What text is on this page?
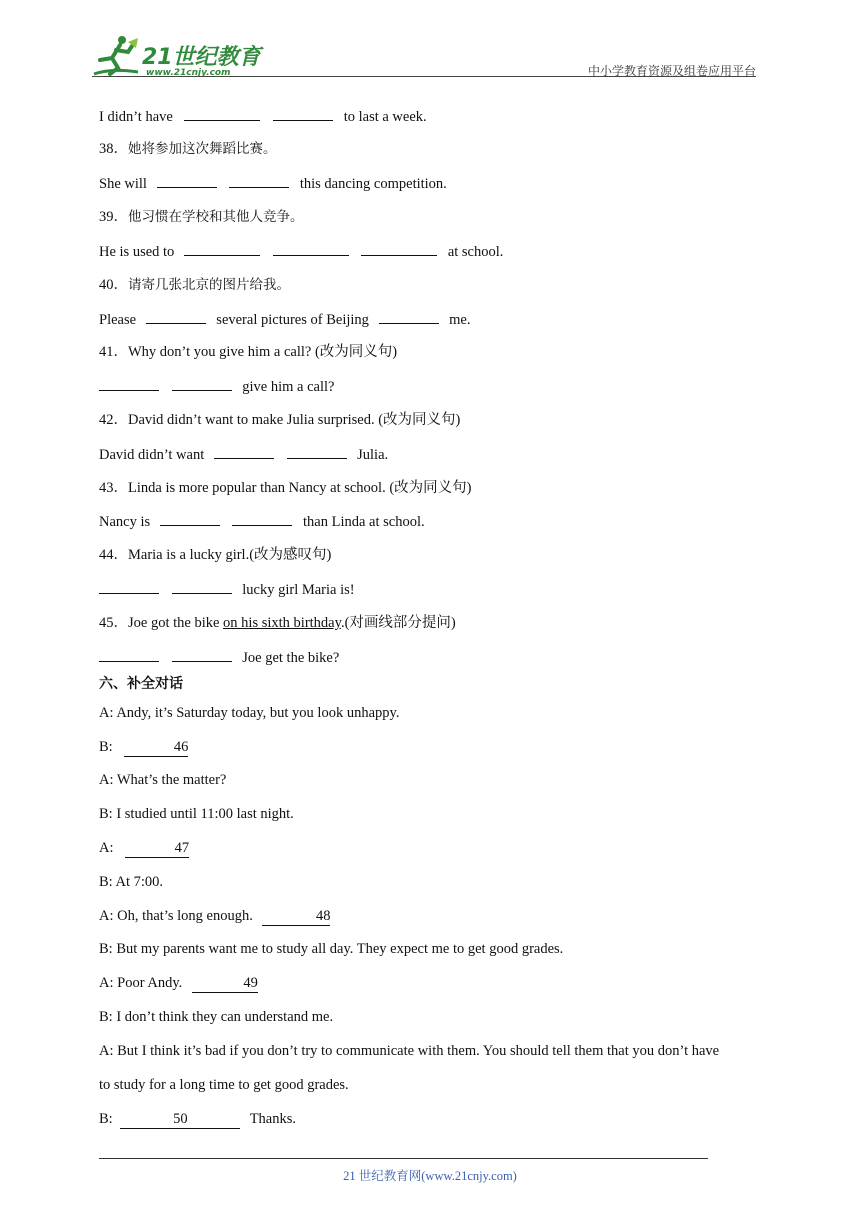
21世纪教育
www.21cnjy.com	中小学教育资源及组卷应用平台
I didn’t have	to last a week.
38．她将参加这次舞蹈比赛。
She will	this dancing competition.
39．他习惯在学校和其他人竞争。
He is used to	at school.
40．请寄几张北京的图片给我。
Please	several pictures of Beijing	me.
41．Why don’t you give him a call? (改为同义句)
give him a call?
42．David didn’t want to make Julia surprised. (改为同义句)
David didn’t want	Julia.
43．Linda is more popular than Nancy at school. (改为同义句)
Nancy is	than Linda at school.
44．Maria is a lucky girl.(改为感叹句)
lucky girl Maria is!
45．Joe got the bike on his sixth birthday.(对画线部分提问)
Joe get the bike?
六、补全对话
A: Andy, it’s Saturday today, but you look unhappy.
B:	46
A: What’s the matter?
B: I studied until 11:00 last night.
A:	47
B: At 7:00.
A: Oh, that’s long enough.	48
B: But my parents want me to study all day. They expect me to get good grades.
A: Poor Andy.	49
B: I don’t think they can understand me.
A: But I think it’s bad if you don’t try to communicate with them. You should tell them that you don’t have
to study for a long time to get good grades.
B:	50	Thanks.
21 世纪教育网(www.21cnjy.com)
